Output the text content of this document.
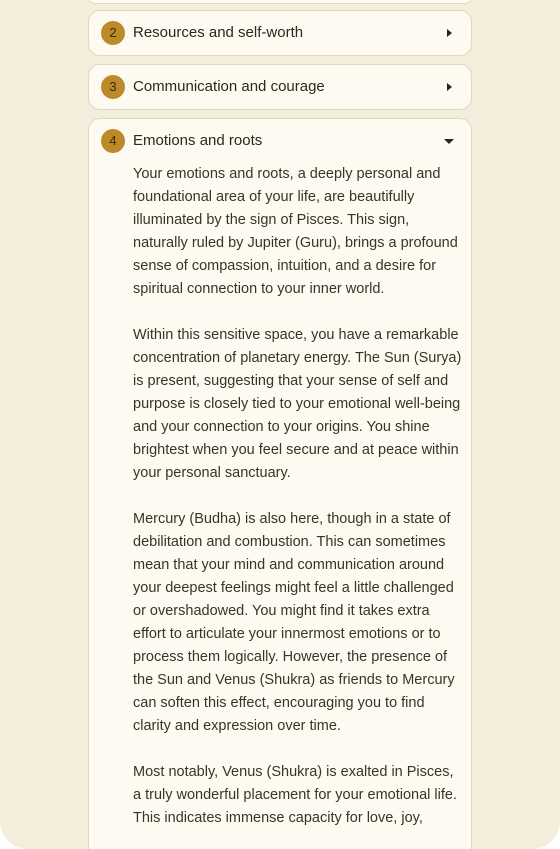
2	Resources and self-worth
3	Communication and courage
4	Emotions and roots

Your emotions and roots, a deeply personal and foundational area of your life, are beautifully illuminated by the sign of Pisces. This sign, naturally ruled by Jupiter (Guru), brings a profound sense of compassion, intuition, and a desire for spiritual connection to your inner world.

Within this sensitive space, you have a remarkable concentration of planetary energy. The Sun (Surya) is present, suggesting that your sense of self and purpose is closely tied to your emotional well-being and your connection to your origins. You shine brightest when you feel secure and at peace within your personal sanctuary.

Mercury (Budha) is also here, though in a state of debilitation and combustion. This can sometimes mean that your mind and communication around your deepest feelings might feel a little challenged or overshadowed. You might find it takes extra effort to articulate your innermost emotions or to process them logically. However, the presence of the Sun and Venus (Shukra) as friends to Mercury can soften this effect, encouraging you to find clarity and expression over time.

Most notably, Venus (Shukra) is exalted in Pisces, a truly wonderful placement for your emotional life. This indicates immense capacity for love, joy,
